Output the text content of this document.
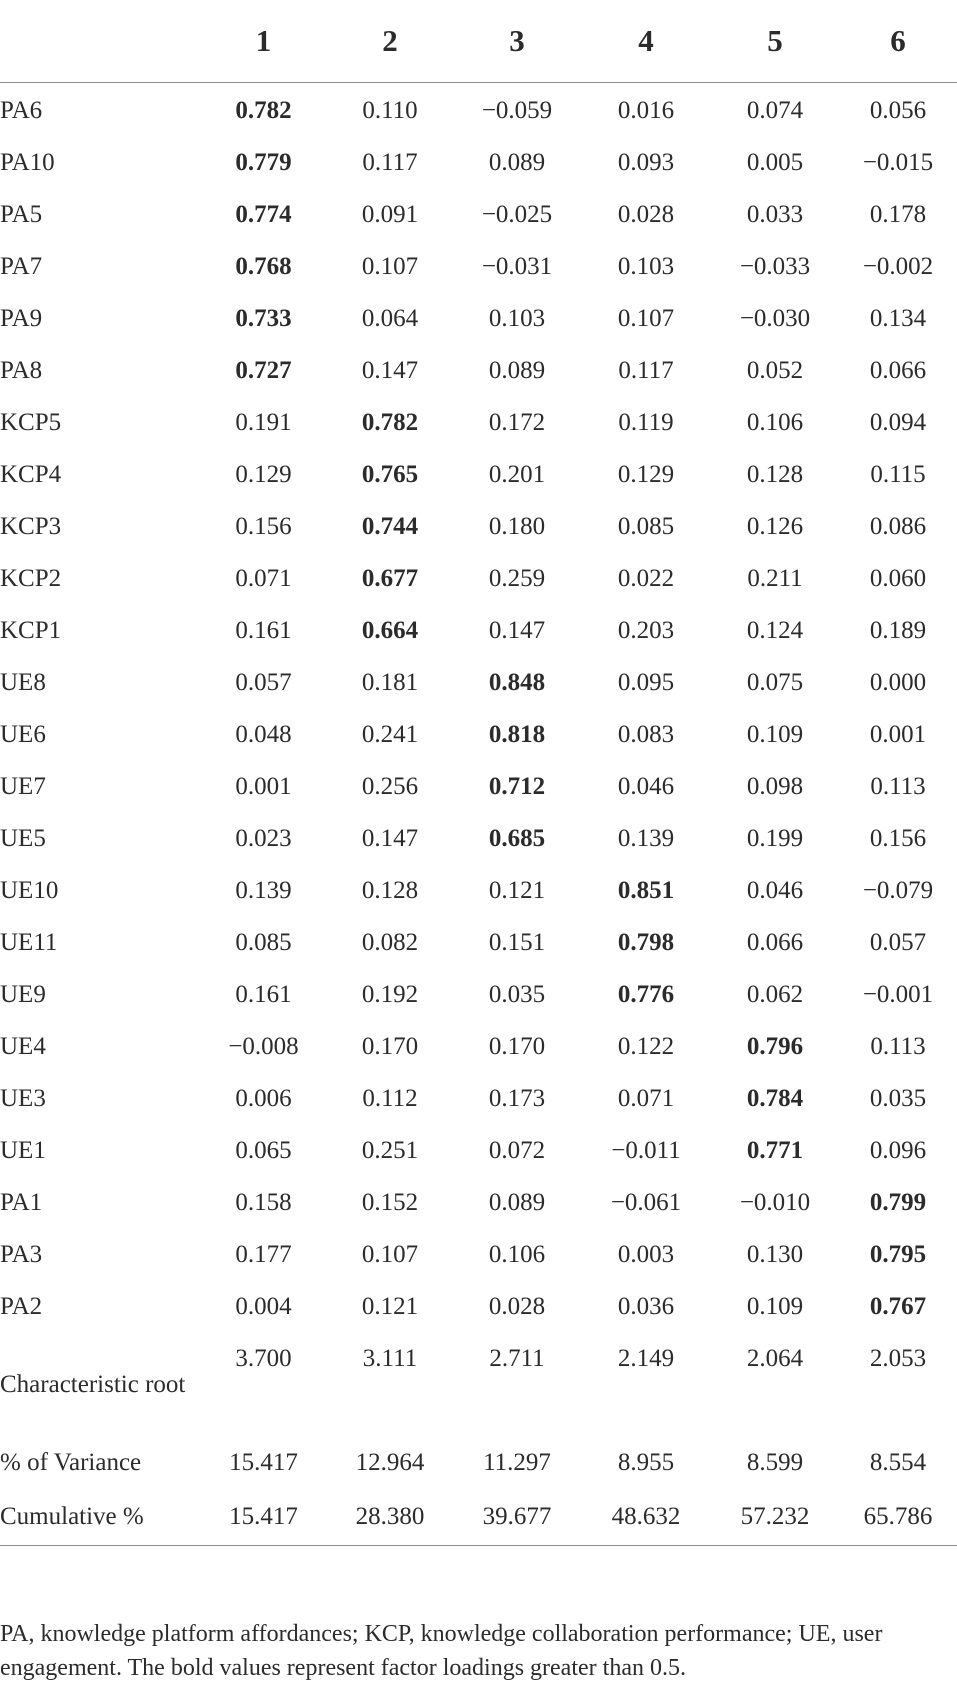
	1	2	3	4	5	6
PA6	0.782	0.110	−0.059	0.016	0.074	0.056
PA10	0.779	0.117	0.089	0.093	0.005	−0.015
PA5	0.774	0.091	−0.025	0.028	0.033	0.178
PA7	0.768	0.107	−0.031	0.103	−0.033	−0.002
PA9	0.733	0.064	0.103	0.107	−0.030	0.134
PA8	0.727	0.147	0.089	0.117	0.052	0.066
KCP5	0.191	0.782	0.172	0.119	0.106	0.094
KCP4	0.129	0.765	0.201	0.129	0.128	0.115
KCP3	0.156	0.744	0.180	0.085	0.126	0.086
KCP2	0.071	0.677	0.259	0.022	0.211	0.060
KCP1	0.161	0.664	0.147	0.203	0.124	0.189
UE8	0.057	0.181	0.848	0.095	0.075	0.000
UE6	0.048	0.241	0.818	0.083	0.109	0.001
UE7	0.001	0.256	0.712	0.046	0.098	0.113
UE5	0.023	0.147	0.685	0.139	0.199	0.156
UE10	0.139	0.128	0.121	0.851	0.046	−0.079
UE11	0.085	0.082	0.151	0.798	0.066	0.057
UE9	0.161	0.192	0.035	0.776	0.062	−0.001
UE4	−0.008	0.170	0.170	0.122	0.796	0.113
UE3	0.006	0.112	0.173	0.071	0.784	0.035
UE1	0.065	0.251	0.072	−0.011	0.771	0.096
PA1	0.158	0.152	0.089	−0.061	−0.010	0.799
PA3	0.177	0.107	0.106	0.003	0.130	0.795
PA2	0.004	0.121	0.028	0.036	0.109	0.767
Characteristic root	3.700	3.111	2.711	2.149	2.064	2.053
% of Variance	15.417	12.964	11.297	8.955	8.599	8.554
Cumulative %	15.417	28.380	39.677	48.632	57.232	65.786
PA, knowledge platform affordances; KCP, knowledge collaboration performance; UE, user engagement. The bold values represent factor loadings greater than 0.5.
